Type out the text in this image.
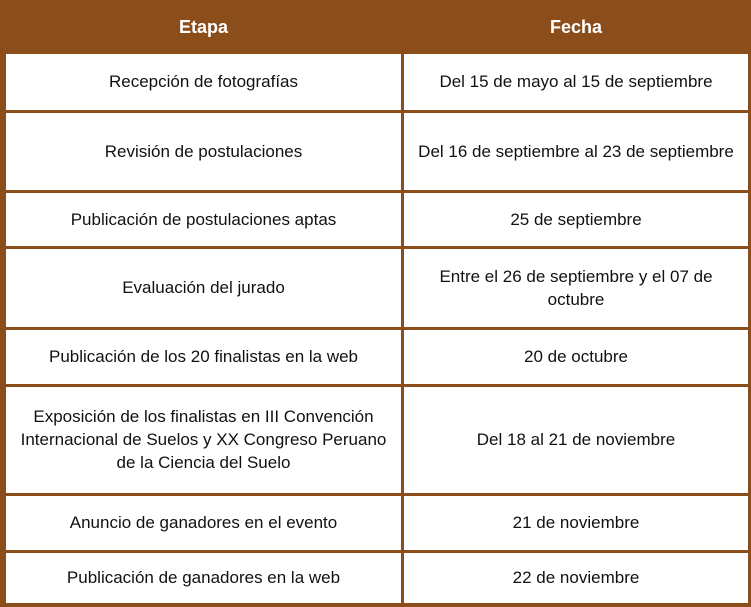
Etapa	Fecha
Recepción de fotografías	Del 15 de mayo al 15 de septiembre
Revisión de postulaciones	Del 16 de septiembre al 23 de septiembre
Publicación de postulaciones aptas	25 de septiembre
Evaluación del jurado	Entre el 26 de septiembre y el 07 de octubre
Publicación de los 20 finalistas en la web	20 de octubre
Exposición de los finalistas en III Convención Internacional de Suelos y XX Congreso Peruano de la Ciencia del Suelo	Del 18 al 21 de noviembre
Anuncio de ganadores en el evento	21 de noviembre
Publicación de ganadores en la web	22 de noviembre
